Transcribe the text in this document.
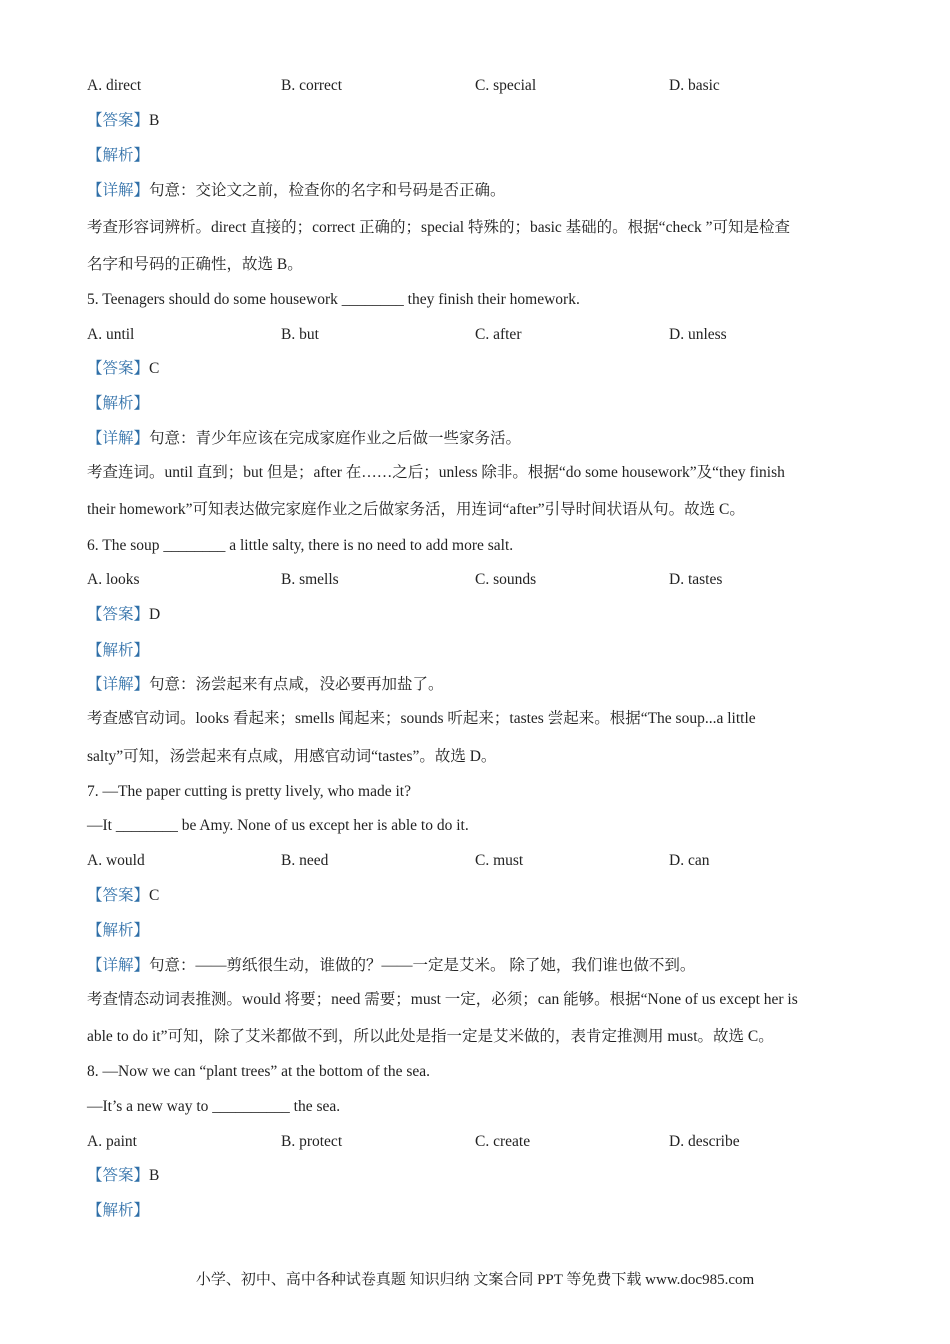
A. direct	B. correct	C. special	D. basic
【答案】B
【解析】
【详解】句意：交论文之前，检查你的名字和号码是否正确。
考查形容词辨析。direct 直接的；correct 正确的；special 特殊的；basic 基础的。根据“check ”可知是检查
名字和号码的正确性，故选 B。
5. Teenagers should do some housework ________ they finish their homework.
A. until	B. but	C. after	D. unless
【答案】C
【解析】
【详解】句意：青少年应该在完成家庭作业之后做一些家务活。
考查连词。until 直到；but 但是；after 在……之后；unless 除非。根据“do some housework”及“they finish
their homework”可知表达做完家庭作业之后做家务活，用连词“after”引导时间状语从句。故选 C。
6. The soup ________ a little salty, there is no need to add more salt.
A. looks	B. smells	C. sounds	D. tastes
【答案】D
【解析】
【详解】句意：汤尝起来有点咸，没必要再加盐了。
考查感官动词。looks 看起来；smells 闻起来；sounds 听起来；tastes 尝起来。根据“The soup...a little
salty”可知，汤尝起来有点咸，用感官动词“tastes”。故选 D。
7. —The paper cutting is pretty lively, who made it?
—It ________ be Amy. None of us except her is able to do it.
A. would	B. need	C. must	D. can
【答案】C
【解析】
【详解】句意：——剪纸很生动，谁做的？——一定是艾米。 除了她，我们谁也做不到。
考查情态动词表推测。would 将要；need 需要；must 一定，必须；can 能够。根据“None of us except her is
able to do it”可知，除了艾米都做不到，所以此处是指一定是艾米做的，表肯定推测用 must。故选 C。
8. —Now we can “plant trees” at the bottom of the sea.
—It’s a new way to __________ the sea.
A. paint	B. protect	C. create	D. describe
【答案】B
【解析】
小学、初中、高中各种试卷真题 知识归纳 文案合同 PPT 等免费下载 www.doc985.com
